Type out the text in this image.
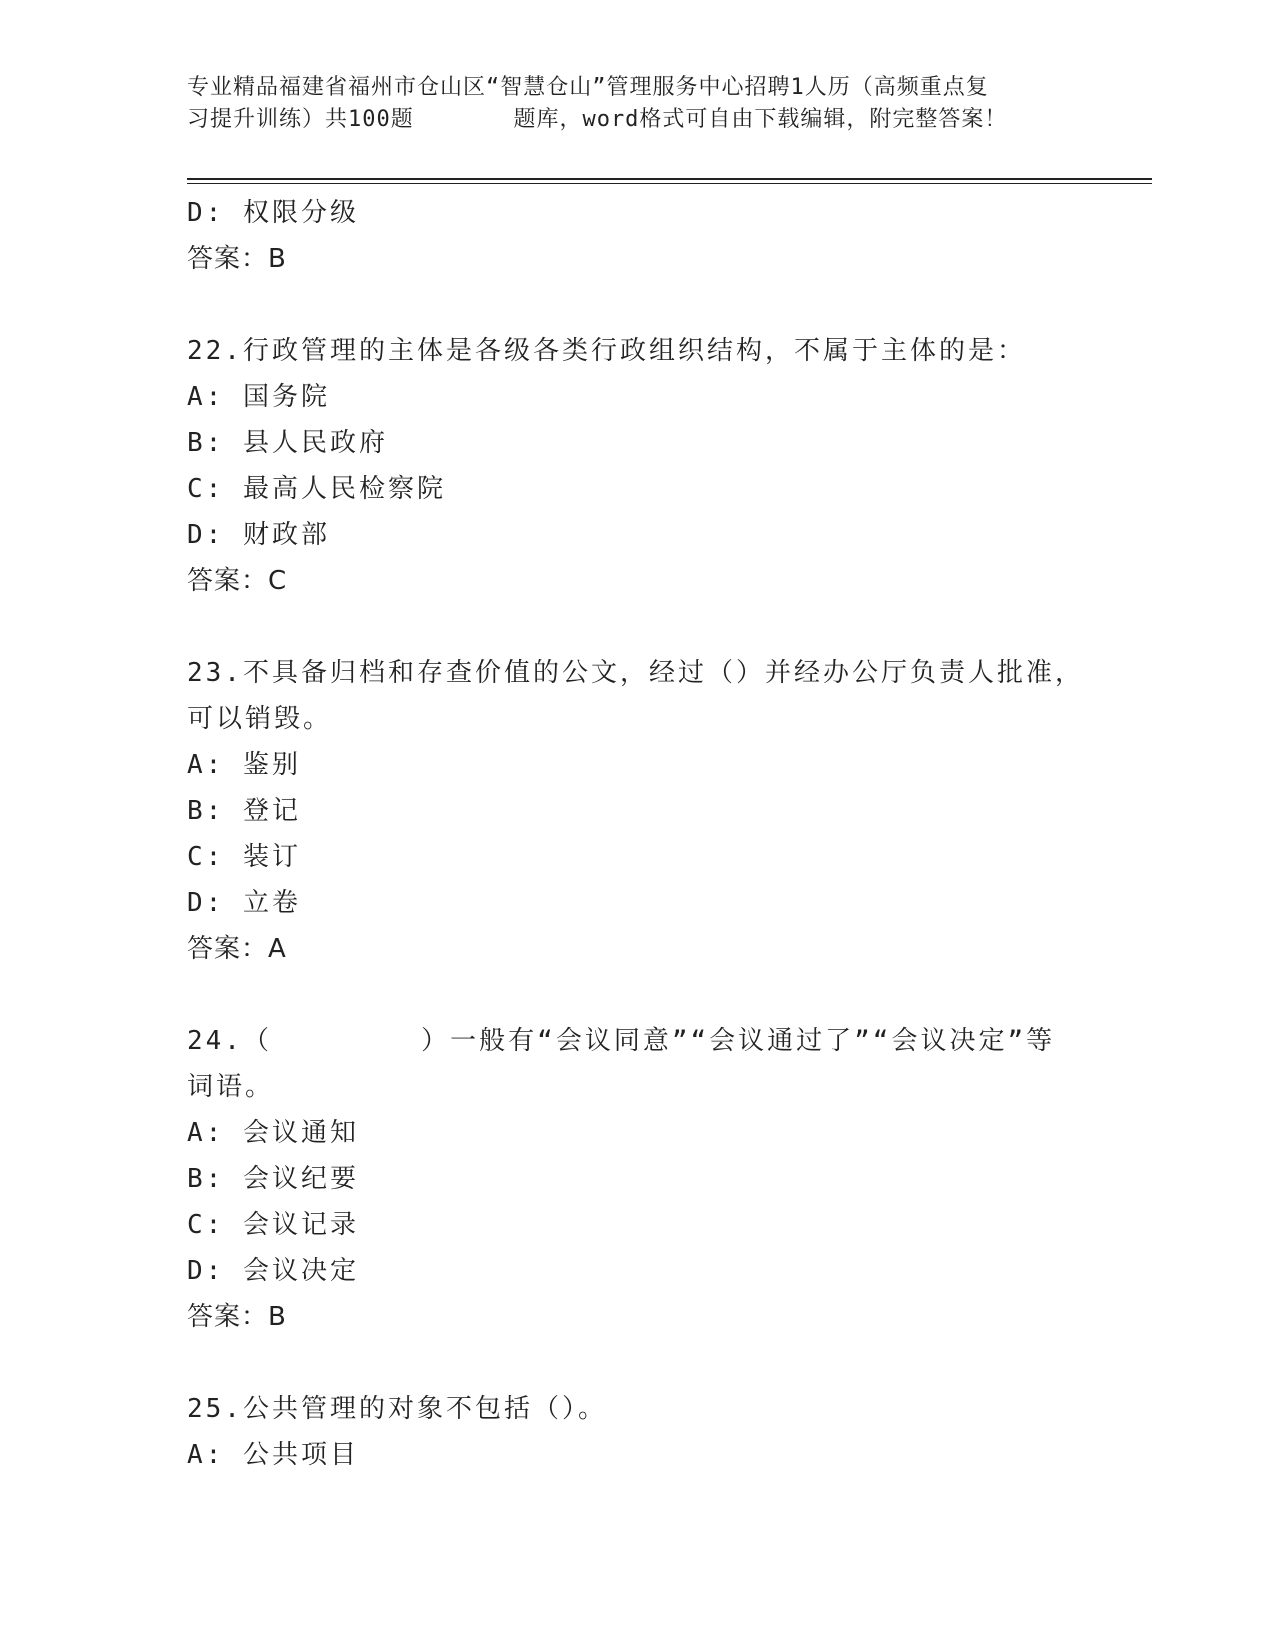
专业精品福建省福州市仓山区“智慧仓山”管理服务中心招聘1人历（高频重点复
习提升训练）共100题       题库，word格式可自由下载编辑，附完整答案！
D: 权限分级
答案：B
22.行政管理的主体是各级各类行政组织结构，不属于主体的是：
A: 国务院
B: 县人民政府
C: 最高人民检察院
D: 财政部
答案：C
23.不具备归档和存查价值的公文，经过（）并经办公厅负责人批准，
可以销毁。
A: 鉴别
B: 登记
C: 装订
D: 立卷
答案：A
24.（        ）一般有“会议同意”“会议通过了”“会议决定”等
词语。
A: 会议通知
B: 会议纪要
C: 会议记录
D: 会议决定
答案：B
25.公共管理的对象不包括（）。
A: 公共项目
